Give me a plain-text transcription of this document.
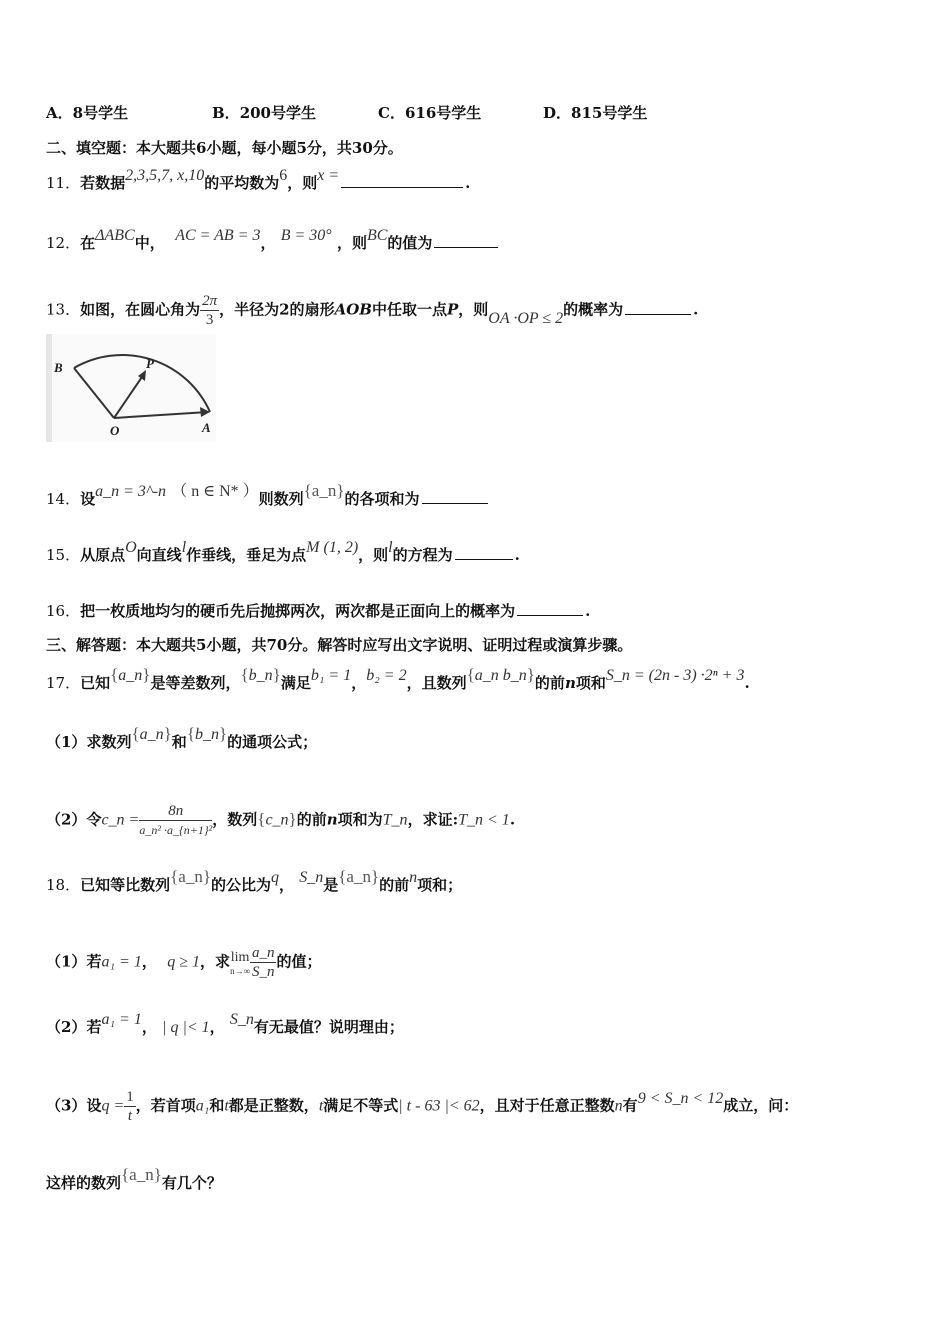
A．8号学生	B．200号学生	C．616号学生	D．815号学生
二、填空题：本大题共6小题，每小题5分，共30分。
11．若数据2,3,5,7, x,10的平均数为6，则x =	.
12．在ΔABC中， AC = AB = 3， B = 30° ，则BC的值为
13．如图，在圆心角为 $\frac{2\pi}{3}$ ，半径为2的扇形AOB中任取一点P，则OA ·OP ≤ 2的概率为	.
B	P
O	A
14．设a_n = 3^-n （ n ∈ N* ）则数列{a_n}的各项和为
15．从原点O向直线l作垂线，垂足为点M (1, 2)，则l的方程为	.
16．把一枚质地均匀的硬币先后抛掷两次，两次都是正面向上的概率为	.
三、解答题：本大题共5小题，共70分。解答时应写出文字说明、证明过程或演算步骤。
17．已知{a_n}是等差数列，{b_n}满足b₁ = 1，b₂ = 2，且数列{a_n b_n}的前n项和S_n = (2n - 3) ·2ⁿ + 3.
（1）求数列{a_n}和{b_n}的通项公式；
（2）令c_n = $\frac{8n}{\text{a\_n² ·a\_\{n+1\}²}}$ ，数列{c_n}的前n项和为T_n，求证:T_n < 1.
18．已知等比数列{a_n}的公比为q， S_n是{a_n}的前n项和；
（1）若a₁ = 1，  q ≥ 1，求 lim
$n\to\infty \frac{a\_n}{S\_n}$ 的值；
（2）若a₁ = 1， | q |< 1， S_n有无最值？说明理由；
（3）设$q = \frac{1}{t}$ ，若首项a₁和t都是正整数，t满足不等式| t - 63 |< 62，且对于任意正整数n有9 < S_n < 12成立，问：
这样的数列{a_n}有几个？
